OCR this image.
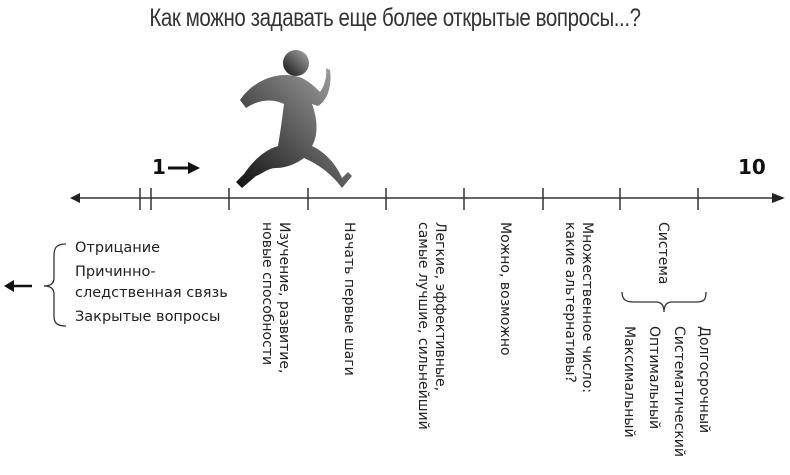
Как можно задавать еще более открытые вопросы...?
1	10
Отрицание
Причинно-
следственная связь
Закрытые вопросы	Изучение, развитие,
новые способности	Начать первые шаги	Легкие, эффективные,
самые лучшие, сильнейший	Можно, возможно	Множественное число:
какие альтернативы?	Система
Долгосрочный
Систематический
Оптимальный
Максимальный
